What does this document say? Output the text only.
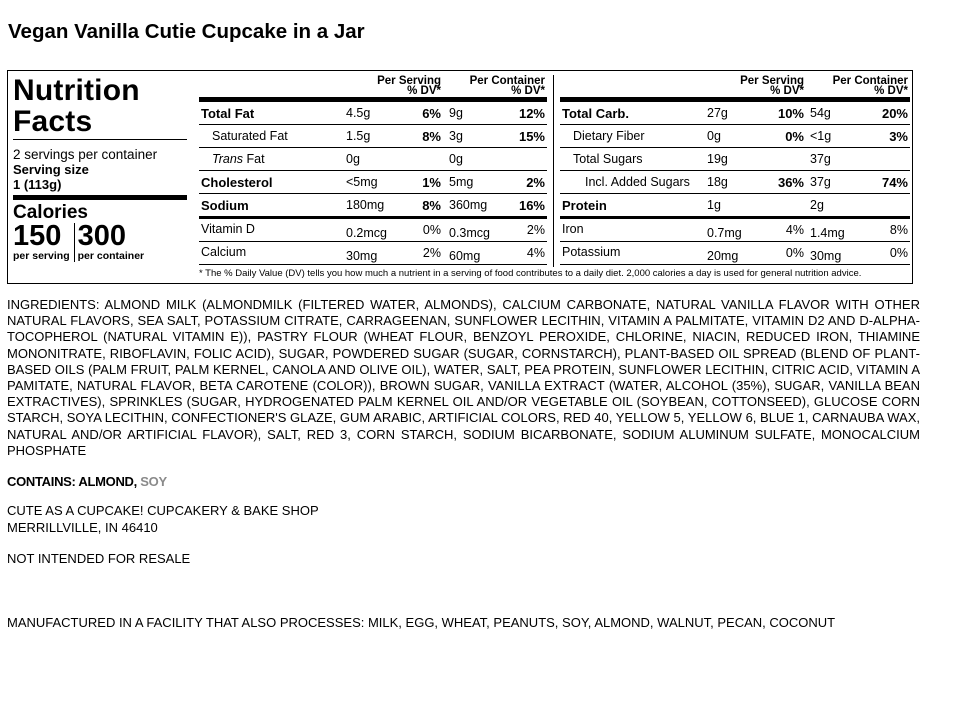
Vegan Vanilla Cutie Cupcake in a Jar
Nutrition
Facts
2 servings per container
Serving size
1 (113g)
Calories
150
per serving
300
per container
Per Serving
% DV*
Per Container
% DV*
Total Fat	4.5g	6% 9g	12%
Saturated Fat	1.5g	8% 3g	15%
Trans Fat	0g	0g
Cholesterol	<5mg	1% 5mg	2%
Sodium	180mg	8% 360mg 16%
Vitamin D	0.2mcg	0% 0.3mcg	2%
Calcium	30mg	2% 60mg	4%
Per Serving
% DV*
Per Container
% DV*
Total Carb.	27g	10% 54g	20%
Dietary Fiber	0g	0% <1g	3%
Total Sugars	19g	37g
Incl. Added Sugars 18g	36% 37g	74%
Protein	1g	2g
Iron	0.7mg	4% 1.4mg	8%
Potassium	20mg	0% 30mg	0%
* The % Daily Value (DV) tells you how much a nutrient in a serving of food contributes to a daily diet. 2,000 calories a day is used for general nutrition advice.
INGREDIENTS: ALMOND MILK (ALMONDMILK (FILTERED WATER, ALMONDS), CALCIUM CARBONATE, NATURAL VANILLA FLAVOR WITH OTHER NATURAL FLAVORS, SEA SALT, POTASSIUM CITRATE, CARRAGEENAN, SUNFLOWER LECITHIN, VITAMIN A PALMITATE, VITAMIN D2 AND D-ALPHA-TOCOPHEROL (NATURAL VITAMIN E)), PASTRY FLOUR (WHEAT FLOUR, BENZOYL PEROXIDE, CHLORINE, NIACIN, REDUCED IRON, THIAMINE MONONITRATE, RIBOFLAVIN, FOLIC ACID), SUGAR, POWDERED SUGAR (SUGAR, CORNSTARCH), PLANT-BASED OIL SPREAD (BLEND OF PLANT-BASED OILS (PALM FRUIT, PALM KERNEL, CANOLA AND OLIVE OIL), WATER, SALT, PEA PROTEIN, SUNFLOWER LECITHIN, CITRIC ACID, VITAMIN A PAMITATE, NATURAL FLAVOR, BETA CAROTENE (COLOR)), BROWN SUGAR, VANILLA EXTRACT (WATER, ALCOHOL (35%), SUGAR, VANILLA BEAN EXTRACTIVES), SPRINKLES (SUGAR, HYDROGENATED PALM KERNEL OIL AND/OR VEGETABLE OIL (SOYBEAN, COTTONSEED), GLUCOSE CORN STARCH, SOYA LECITHIN, CONFECTIONER'S GLAZE, GUM ARABIC, ARTIFICIAL COLORS, RED 40, YELLOW 5, YELLOW 6, BLUE 1, CARNAUBA WAX, NATURAL AND/OR ARTIFICIAL FLAVOR), SALT, RED 3, CORN STARCH, SODIUM BICARBONATE, SODIUM ALUMINUM SULFATE, MONOCALCIUM PHOSPHATE
CONTAINS: ALMOND, SOY
CUTE AS A CUPCAKE! CUPCAKERY & BAKE SHOP
MERRILLVILLE, IN 46410
NOT INTENDED FOR RESALE
MANUFACTURED IN A FACILITY THAT ALSO PROCESSES: MILK, EGG, WHEAT, PEANUTS, SOY, ALMOND, WALNUT, PECAN, COCONUT
